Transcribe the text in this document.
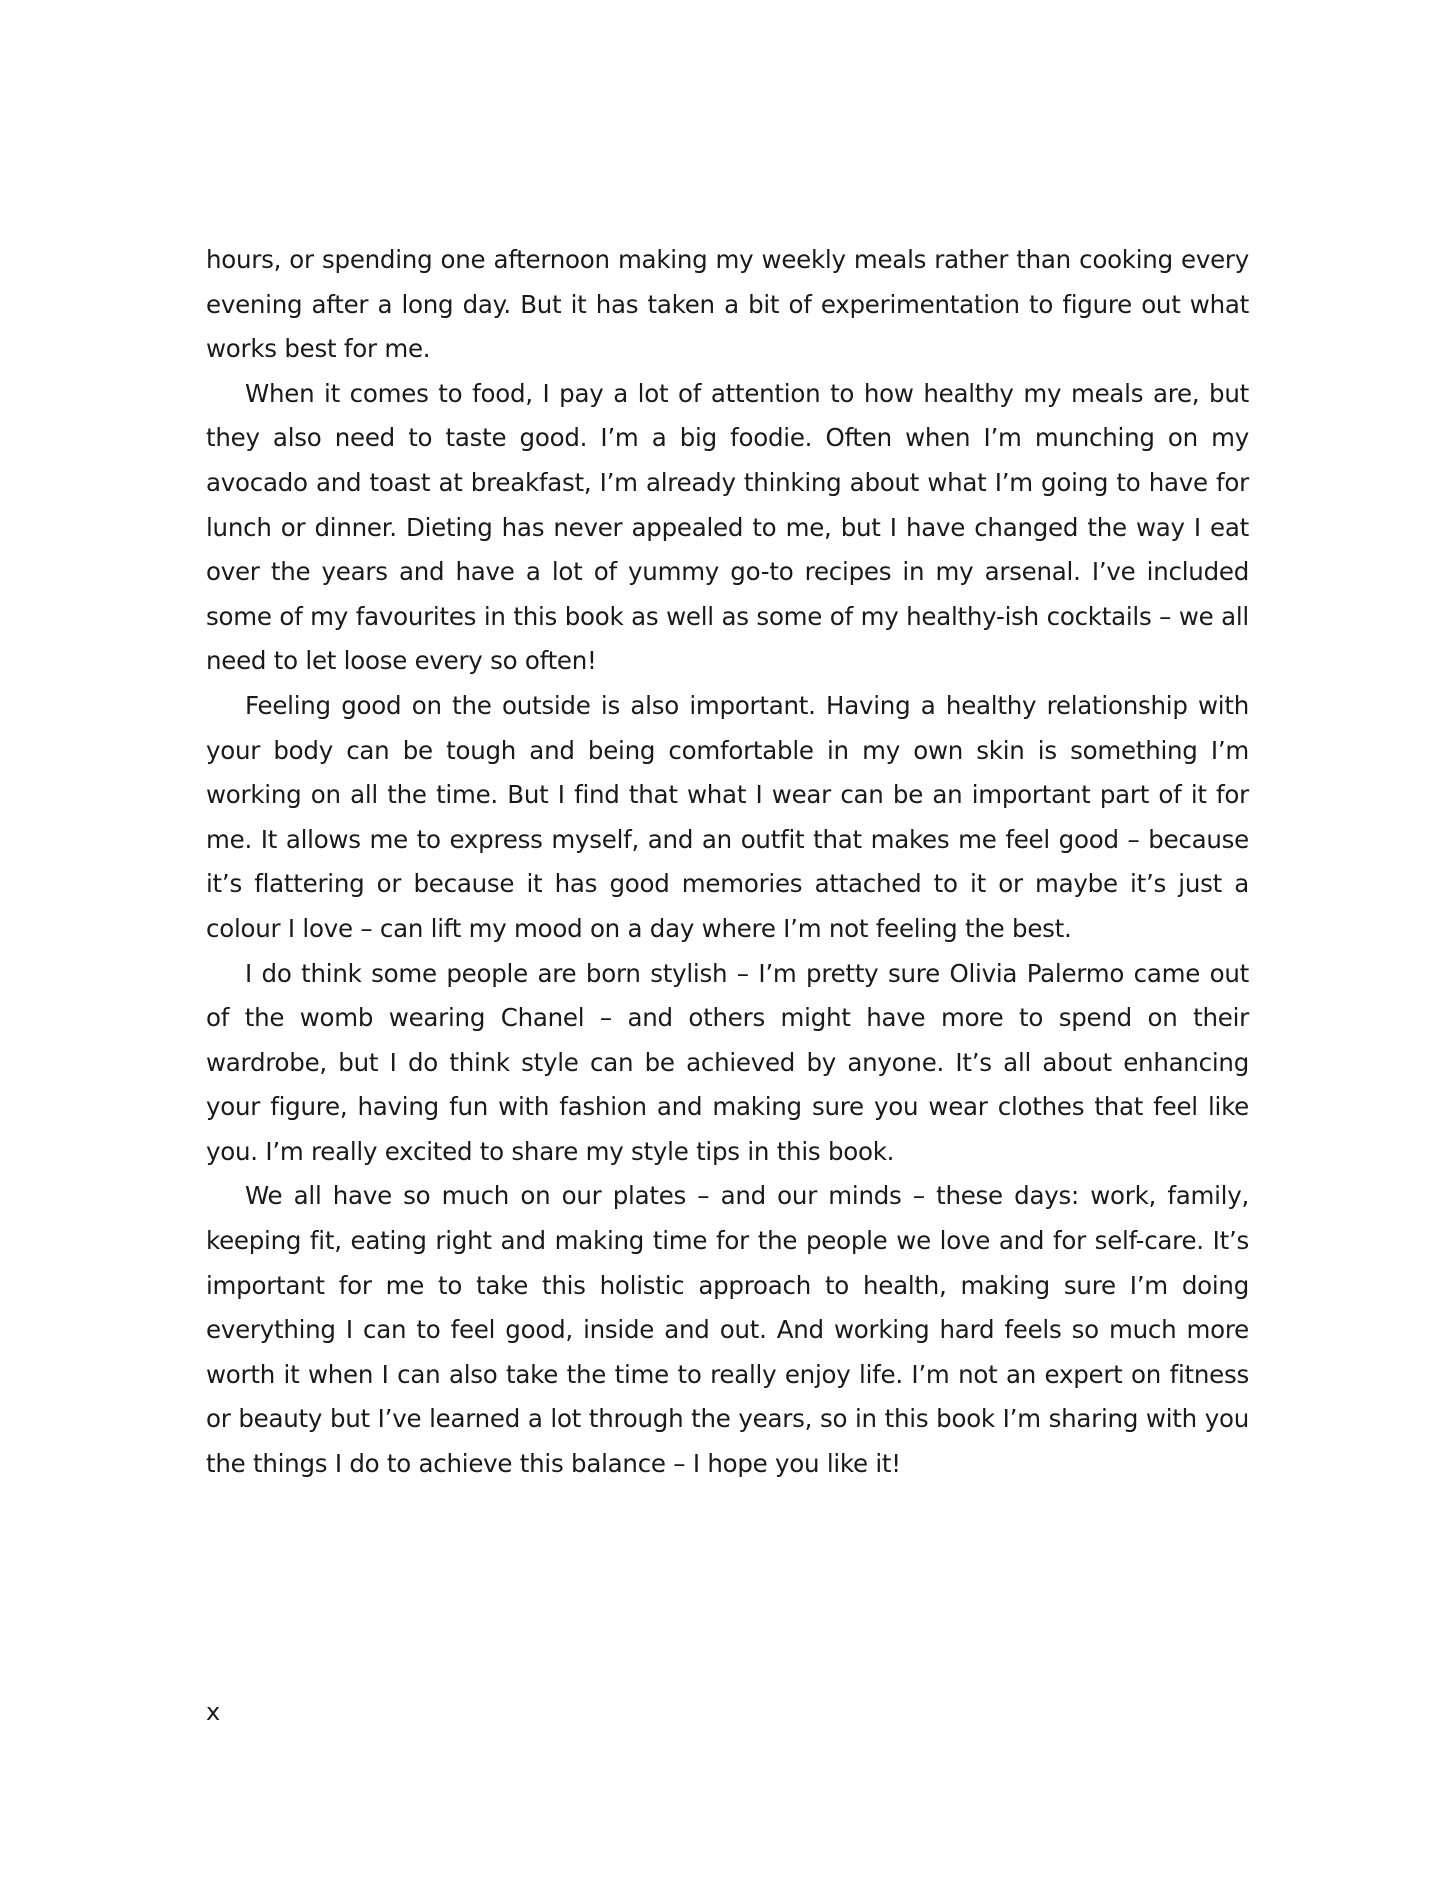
hours, or spending one afternoon making my weekly meals rather than cooking every evening after a long day. But it has taken a bit of experimentation to figure out what works best for me.

When it comes to food, I pay a lot of attention to how healthy my meals are, but they also need to taste good. I’m a big foodie. Often when I’m munching on my avocado and toast at breakfast, I’m already thinking about what I’m going to have for lunch or dinner. Dieting has never appealed to me, but I have changed the way I eat over the years and have a lot of yummy go-to recipes in my arsenal. I’ve included some of my favourites in this book as well as some of my healthy-ish cocktails – we all need to let loose every so often!

Feeling good on the outside is also important. Having a healthy relationship with your body can be tough and being comfortable in my own skin is something I’m working on all the time. But I find that what I wear can be an important part of it for me. It allows me to express myself, and an outfit that makes me feel good – because it’s flattering or because it has good memories attached to it or maybe it’s just a colour I love – can lift my mood on a day where I’m not feeling the best.

I do think some people are born stylish – I’m pretty sure Olivia Palermo came out of the womb wearing Chanel – and others might have more to spend on their wardrobe, but I do think style can be achieved by anyone. It’s all about enhancing your figure, having fun with fashion and making sure you wear clothes that feel like you. I’m really excited to share my style tips in this book.

We all have so much on our plates – and our minds – these days: work, family, keeping fit, eating right and making time for the people we love and for self-care. It’s important for me to take this holistic approach to health, making sure I’m doing everything I can to feel good, inside and out. And working hard feels so much more worth it when I can also take the time to really enjoy life. I’m not an expert on fitness or beauty but I’ve learned a lot through the years, so in this book I’m sharing with you the things I do to achieve this balance – I hope you like it!

x
